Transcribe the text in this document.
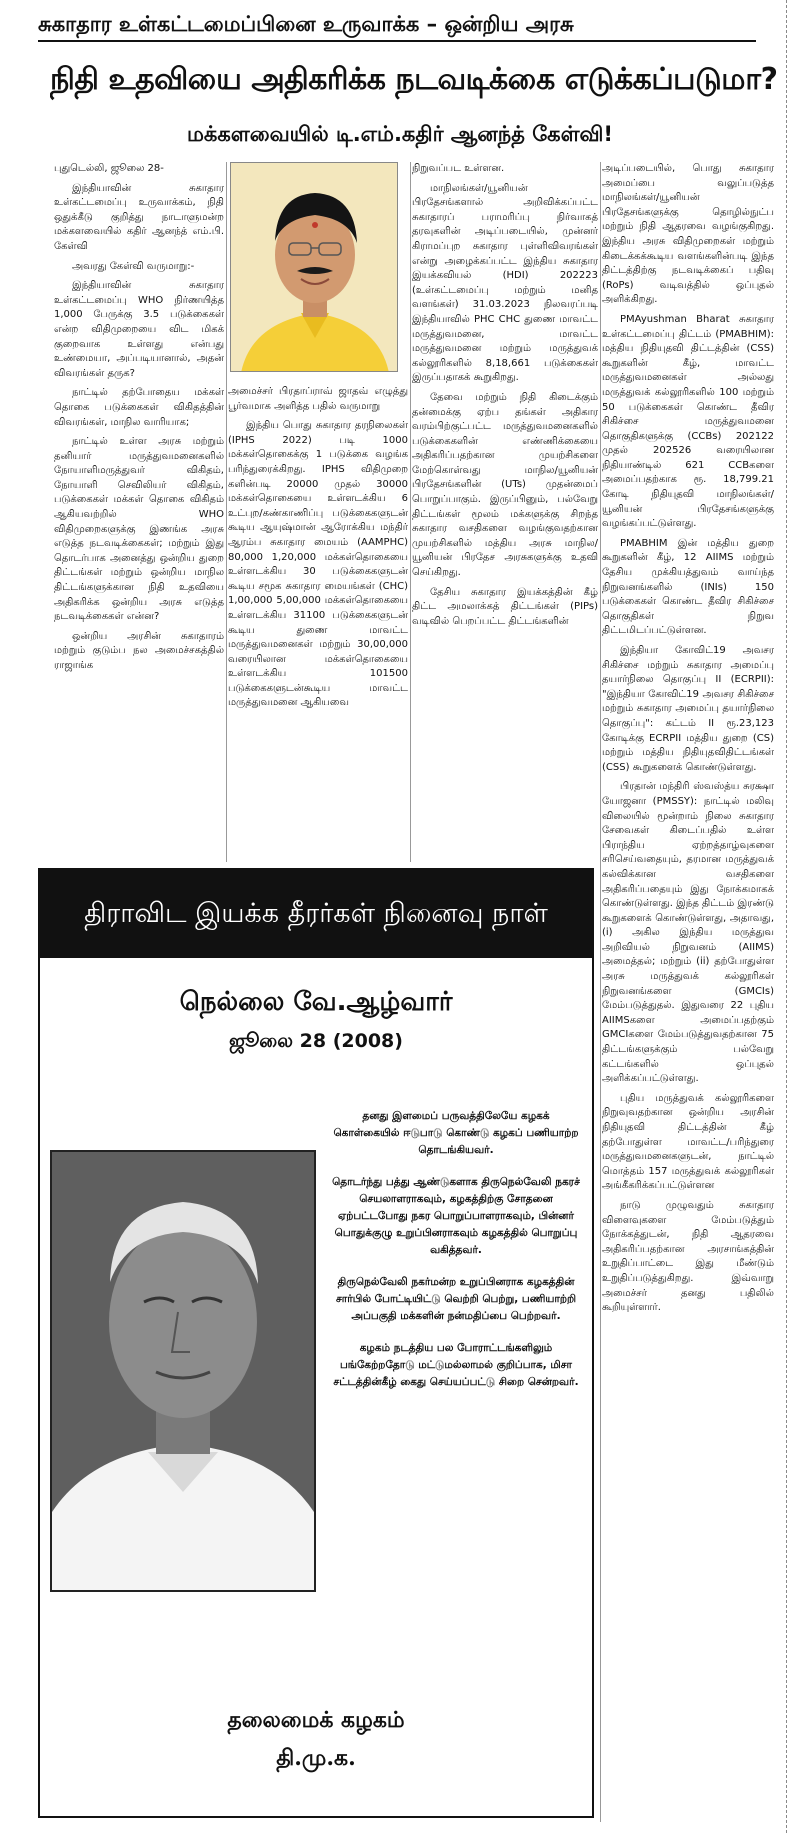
சுகாதார உள்கட்டமைப்பினை உருவாக்க – ஒன்றிய அரசு
நிதி உதவியை அதிகரிக்க நடவடிக்கை எடுக்கப்படுமா?
மக்களவையில் டி.எம்.கதிர் ஆனந்த் கேள்வி!

புதுடெல்லி, ஜூலை 28-

இந்தியாவின் சுகாதார உள்கட்டமைப்பு உருவாக்கம், நிதி ஒதுக்கீடு குறித்து நாடாளுமன்ற மக்களவையில் கதிர் ஆனந்த் எம்.பி. கேள்வி

அவரது கேள்வி வருமாறு:-

இந்தியாவின் சுகாதார உள்கட்டமைப்பு WHO நிர்ணயித்த 1,000 பேருக்கு 3.5 படுக்கைகள் என்ற விதிமுறையை விட மிகக் குறைவாக உள்ளது என்பது உண்மையா, அப்படியானால், அதன் விவரங்கள் தருக?

நாட்டில் தற்போதைய மக்கள் தொகை படுக்கைகள் விகிதத்தின் விவரங்கள், மாநில வாரியாக;

நாட்டில் உள்ள அரசு மற்றும் தனியார் மருத்துவமனைகளில் நோயாளிமருத்துவர் விகிதம், நோயாளி செவிலியர் விகிதம், படுக்கைகள் மக்கள் தொகை விகிதம் ஆகியவற்றில் WHO விதிமுறைகளுக்கு இணங்க அரசு எடுத்த நடவடிக்கைகள்; மற்றும் இது தொடர்பாக அனைத்து ஒன்றிய துறை திட்டங்கள் மற்றும் ஒன்றிய மாநில திட்டங்களுக்கான நிதி உதவியை அதிகரிக்க ஒன்றிய அரசு எடுத்த நடவடிக்கைகள் என்ன?

ஒன்றிய அரசின் சுகாதாரம் மற்றும் குடும்ப நல அமைச்சகத்தில் ராஜாங்க

அமைச்சர் பிரதாப்ராவ் ஜாதவ் எழுத்து பூர்வமாக அளித்த பதில் வருமாறு

இந்திய பொது சுகாதார தரநிலைகள் (IPHS 2022) படி 1000 மக்கள்தொகைக்கு 1 படுக்கை வழங்க பரிந்துரைக்கிறது. IPHS விதிமுறை களின்படி 20000 முதல் 30000 மக்கள்தொகையை உள்ளடக்கிய 6 உட்புற/கண்காணிப்பு படுக்கைகளுடன் கூடிய ஆயுஷ்மான் ஆரோக்கிய மந்திர் ஆரம்ப சுகாதார மையம் (AAMPHC) 80,000 1,20,000 மக்கள்தொகையை உள்ளடக்கிய 30 படுக்கைகளுடன் கூடிய சமூக சுகாதார மையங்கள் (CHC) 1,00,000 5,00,000 மக்கள்தொகையை உள்ளடக்கிய 31100 படுக்கைகளுடன் கூடிய துணை மாவட்ட மருத்துவமனைகள் மற்றும் 30,00,000 வரையிலான மக்கள்தொகையை உள்ளடக்கிய 101500 படுக்கைகளுடன்கூடிய மாவட்ட மருத்துவமனை ஆகியவை

நிறுவப்பட உள்ளன.

மாநிலங்கள்/யூனியன் பிரதேசங்களால் அறிவிக்கப்பட்ட சுகாதாரப் பராமரிப்பு நிர்வாகத் தரவுகளின் அடிப்படையில், முன்னர் கிராமப்புற சுகாதார புள்ளிவிவரங்கள் என்று அழைக்கப்பட்ட இந்திய சுகாதார இயக்கவியல் (HDI) 202223 (உள்கட்டமைப்பு மற்றும் மனித வளங்கள்) 31.03.2023 நிலவரப்படி இந்தியாவில் PHC CHC துணை மாவட்ட மருத்துவமனை, மாவட்ட மருத்துவமனை மற்றும் மருத்துவக் கல்லூரிகளில் 8,18,661 படுக்கைகள் இருப்பதாகக் கூறுகிறது.

தேவை மற்றும் நிதி கிடைக்கும் தன்மைக்கு ஏற்ப தங்கள் அதிகார வரம்பிற்குட்பட்ட மருத்துவமனைகளில் படுக்கைகளின் எண்ணிக்கையை அதிகரிப்பதற்கான முயற்சிகளை மேற்கொள்வது மாநில/யூனியன் பிரதேசங்களின் (UTs) முதன்மைப் பொறுப்பாகும். இருப்பினும், பல்வேறு திட்டங்கள் மூலம் மக்களுக்கு சிறந்த சுகாதார வசதிகளை வழங்குவதற்கான முயற்சிகளில் மத்திய அரசு மாநில/யூனியன் பிரதேச அரசுகளுக்கு உதவி செய்கிறது.

தேசிய சுகாதார இயக்கத்தின் கீழ் திட்ட அமலாக்கத் திட்டங்கள் (PIPs) வடிவில் பெறப்பட்ட திட்டங்களின்

அடிப்படையில், பொது சுகாதார அமைப்பை வலுப்படுத்த மாநிலங்கள்/யூனியன் பிரதேசங்களுக்கு தொழில்நுட்ப மற்றும் நிதி ஆதரவை வழங்குகிறது. இந்திய அரசு விதிமுறைகள் மற்றும் கிடைக்கக்கூடிய வளங்களின்படி இந்த திட்டத்திற்கு நடவடிக்கைப் பதிவு (RoPs) வடிவத்தில் ஒப்புதல் அளிக்கிறது.

PMAyushman Bharat சுகாதார உள்கட்டமைப்பு திட்டம் (PMABHIM): மத்திய நிதியுதவி திட்டத்தின் (CSS) கூறுகளின் கீழ், மாவட்ட மருத்துவமனைகள் அல்லது மருத்துவக் கல்லூரிகளில் 100 மற்றும் 50 படுக்கைகள் கொண்ட தீவிர சிகிச்சை மருத்துவமனை தொகுதிகளுக்கு (CCBs) 202122 முதல் 202526 வரையிலான நிதியாண்டில் 621 CCBகளை அமைப்பதற்காக ரூ. 18,799.21 கோடி நிதியுதவி மாநிலங்கள்/யூனியன் பிரதேசங்களுக்கு வழங்கப்பட்டுள்ளது.

PMABHIM இன் மத்திய துறை கூறுகளின் கீழ், 12 AIIMS மற்றும் தேசிய முக்கியத்துவம் வாய்ந்த நிறுவனங்களில் (INIs) 150 படுக்கைகள் கொண்ட தீவிர சிகிச்சை தொகுதிகள் நிறுவ திட்டமிடப்பட்டுள்ளன.

இந்தியா கோவிட்19 அவசர சிகிச்சை மற்றும் சுகாதார அமைப்பு தயார்நிலை தொகுப்பு II (ECRPII): "இந்தியா கோவிட்19 அவசர சிகிச்சை மற்றும் சுகாதார அமைப்பு தயார்நிலை தொகுப்பு": கட்டம் II ரூ.23,123 கோடிக்கு ECRPII மத்திய துறை (CS) மற்றும் மத்திய நிதியுதவிதிட்டங்கள் (CSS) கூறுகளைக் கொண்டுள்ளது.

பிரதான் மந்திரி ஸ்வஸ்த்ய சுரக்ஷா யோஜனா (PMSSY): நாட்டில் மலிவு விலையில் மூன்றாம் நிலை சுகாதார சேவைகள் கிடைப்பதில் உள்ள பிராந்திய ஏற்றத்தாழ்வுகளை சரிசெய்வதையும், தரமான மருத்துவக் கல்விக்கான வசதிகளை அதிகரிப்பதையும் இது நோக்கமாகக் கொண்டுள்ளது. இந்த திட்டம் இரண்டு கூறுகளைக் கொண்டுள்ளது, அதாவது, (i) அகில இந்திய மருத்துவ அறிவியல் நிறுவனம் (AIIMS) அமைத்தல்; மற்றும் (ii) தற்போதுள்ள அரசு மருத்துவக் கல்லூரிகள் நிறுவனங்களை (GMCIs) மேம்படுத்துதல். இதுவரை 22 புதிய AIIMSகளை அமைப்பதற்கும் GMCIகளை மேம்படுத்துவதற்கான 75 திட்டங்களுக்கும் பல்வேறு கட்டங்களில் ஒப்புதல் அளிக்கப்பட்டுள்ளது.

புதிய மருத்துவக் கல்லூரிகளை நிறுவுவதற்கான ஒன்றிய அரசின் நிதியுதவி திட்டத்தின் கீழ் தற்போதுள்ள மாவட்ட/பரிந்துரை மருத்துவமனைகளுடன், நாட்டில் மொத்தம் 157 மருத்துவக் கல்லூரிகள் அங்கீகரிக்கப்பட்டுள்ளன

நாடு முழுவதும் சுகாதார விளைவுகளை மேம்படுத்தும் நோக்கத்துடன், நிதி ஆதரவை அதிகரிப்பதற்கான அரசாங்கத்தின் உறுதிப்பாட்டை இது மீண்டும் உறுதிப்படுத்துகிறது. இவ்வாறு அமைச்சர் தனது பதிலில் கூறியுள்ளார்.

திராவிட இயக்க தீரர்கள் நினைவு நாள்
நெல்லை வே.ஆழ்வார்
ஜூலை 28 (2008)

தனது இளமைப் பருவத்திலேயே கழகக் கொள்கையில் ஈடுபாடு கொண்டு கழகப் பணியாற்ற தொடங்கியவர்.

தொடர்ந்து பத்து ஆண்டுகளாக திருநெல்வேலி நகரச் செயலாளராகவும், கழகத்திற்கு சோதனை ஏற்பட்டபோது நகர பொறுப்பாளராகவும், பின்னர் பொதுக்குழு உறுப்பினராகவும் கழகத்தில் பொறுப்பு வகித்தவர்.

திருநெல்வேலி நகர்மன்ற உறுப்பினராக கழகத்தின் சார்பில் போட்டியிட்டு வெற்றி பெற்று, பணியாற்றி அப்பகுதி மக்களின் நன்மதிப்பை பெற்றவர்.

கழகம் நடத்திய பல போராட்டங்களிலும் பங்கேற்றதோடு மட்டுமல்லாமல் குறிப்பாக, மிசா சட்டத்தின்கீழ் கைது செய்யப்பட்டு சிறை சென்றவர்.

தலைமைக் கழகம்
தி.மு.க.
